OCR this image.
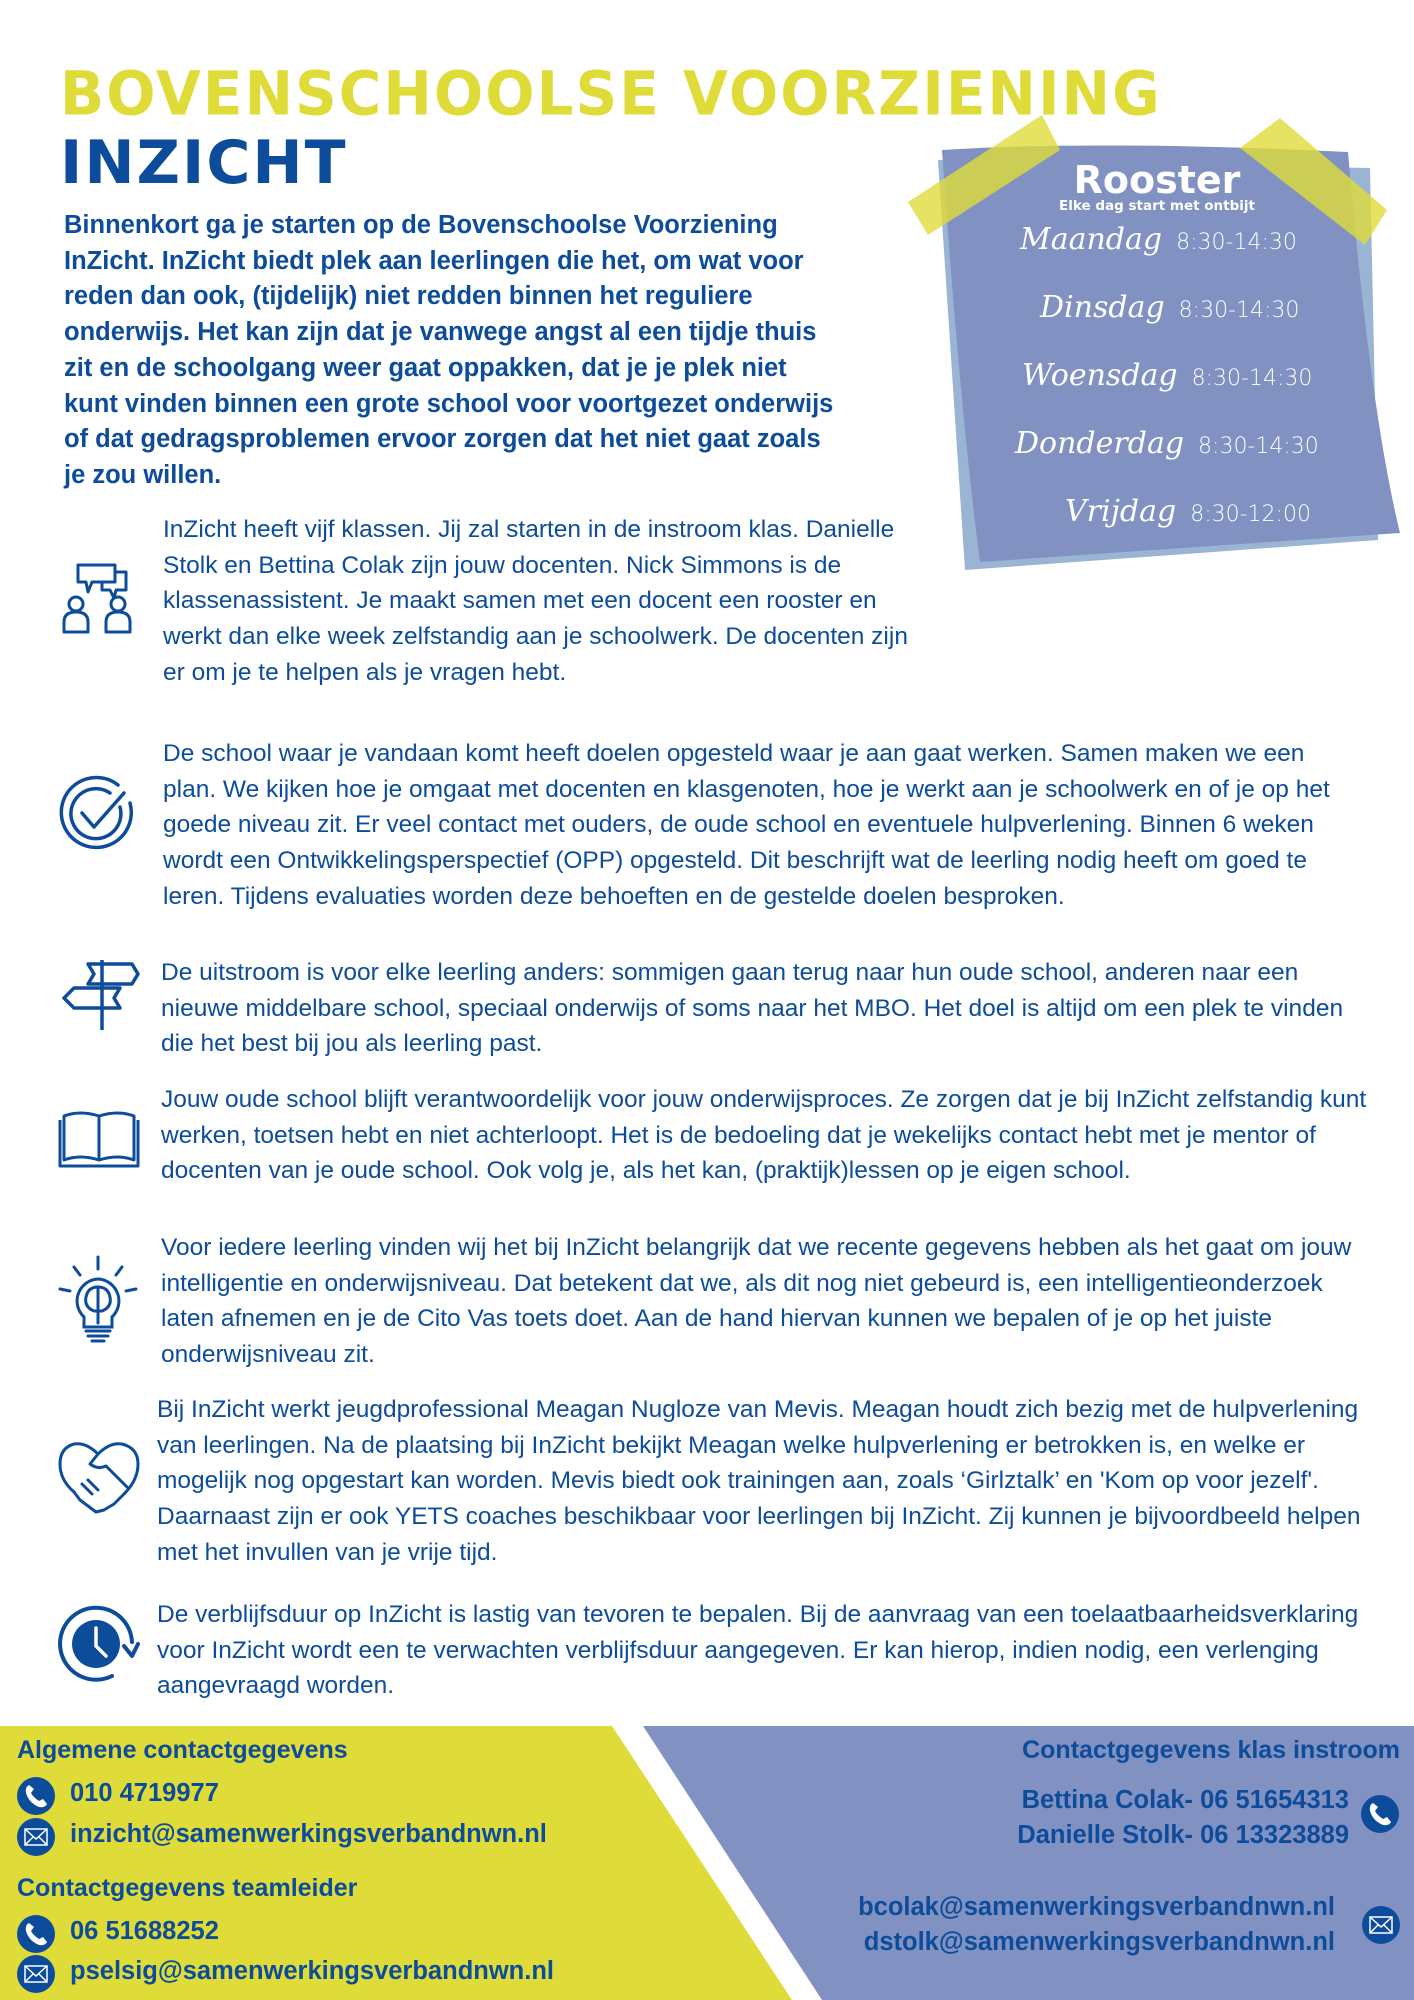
BOVENSCHOOLSE VOORZIENING
INZICHT
Binnenkort ga je starten op de Bovenschoolse Voorziening InZicht. InZicht biedt plek aan leerlingen die het, om wat voor reden dan ook, (tijdelijk) niet redden binnen het reguliere onderwijs. Het kan zijn dat je vanwege angst al een tijdje thuis zit en de schoolgang weer gaat oppakken, dat je je plek niet kunt vinden binnen een grote school voor voortgezet onderwijs of dat gedragsproblemen ervoor zorgen dat het niet gaat zoals je zou willen.
Rooster
Elke dag start met ontbijt
Maandag 8:30-14:30
Dinsdag 8:30-14:30
Woensdag 8:30-14:30
Donderdag 8:30-14:30
Vrijdag 8:30-12:00
InZicht heeft vijf klassen. Jij zal starten in de instroom klas. Danielle Stolk en Bettina Colak zijn jouw docenten. Nick Simmons is de klassenassistent. Je maakt samen met een docent een rooster en werkt dan elke week zelfstandig aan je schoolwerk. De docenten zijn er om je te helpen als je vragen hebt.
De school waar je vandaan komt heeft doelen opgesteld waar je aan gaat werken. Samen maken we een plan. We kijken hoe je omgaat met docenten en klasgenoten, hoe je werkt aan je schoolwerk en of je op het goede niveau zit. Er veel contact met ouders, de oude school en eventuele hulpverlening. Binnen 6 weken wordt een Ontwikkelingsperspectief (OPP) opgesteld. Dit beschrijft wat de leerling nodig heeft om goed te leren. Tijdens evaluaties worden deze behoeften en de gestelde doelen besproken.
De uitstroom is voor elke leerling anders: sommigen gaan terug naar hun oude school, anderen naar een nieuwe middelbare school, speciaal onderwijs of soms naar het MBO. Het doel is altijd om een plek te vinden die het best bij jou als leerling past.
Jouw oude school blijft verantwoordelijk voor jouw onderwijsproces. Ze zorgen dat je bij InZicht zelfstandig kunt werken, toetsen hebt en niet achterloopt. Het is de bedoeling dat je wekelijks contact hebt met je mentor of docenten van je oude school. Ook volg je, als het kan, (praktijk)lessen op je eigen school.
Voor iedere leerling vinden wij het bij InZicht belangrijk dat we recente gegevens hebben als het gaat om jouw intelligentie en onderwijsniveau. Dat betekent dat we, als dit nog niet gebeurd is, een intelligentieonderzoek laten afnemen en je de Cito Vas toets doet. Aan de hand hiervan kunnen we bepalen of je op het juiste onderwijsniveau zit.
Bij InZicht werkt jeugdprofessional Meagan Nugloze van Mevis. Meagan houdt zich bezig met de hulpverlening van leerlingen. Na de plaatsing bij InZicht bekijkt Meagan welke hulpverlening er betrokken is, en welke er mogelijk nog opgestart kan worden. Mevis biedt ook trainingen aan, zoals ‘Girlztalk’ en 'Kom op voor jezelf'. Daarnaast zijn er ook YETS coaches beschikbaar voor leerlingen bij InZicht. Zij kunnen je bijvoordbeeld helpen met het invullen van je vrije tijd.
De verblijfsduur op InZicht is lastig van tevoren te bepalen. Bij de aanvraag van een toelaatbaarheidsverklaring voor InZicht wordt een te verwachten verblijfsduur aangegeven. Er kan hierop, indien nodig, een verlenging aangevraagd worden.
Algemene contactgegevens
010 4719977
inzicht@samenwerkingsverbandnwn.nl
Contactgegevens teamleider
06 51688252
pselsig@samenwerkingsverbandnwn.nl
Contactgegevens klas instroom
Bettina Colak- 06 51654313
Danielle Stolk- 06 13323889
bcolak@samenwerkingsverbandnwn.nl
dstolk@samenwerkingsverbandnwn.nl
